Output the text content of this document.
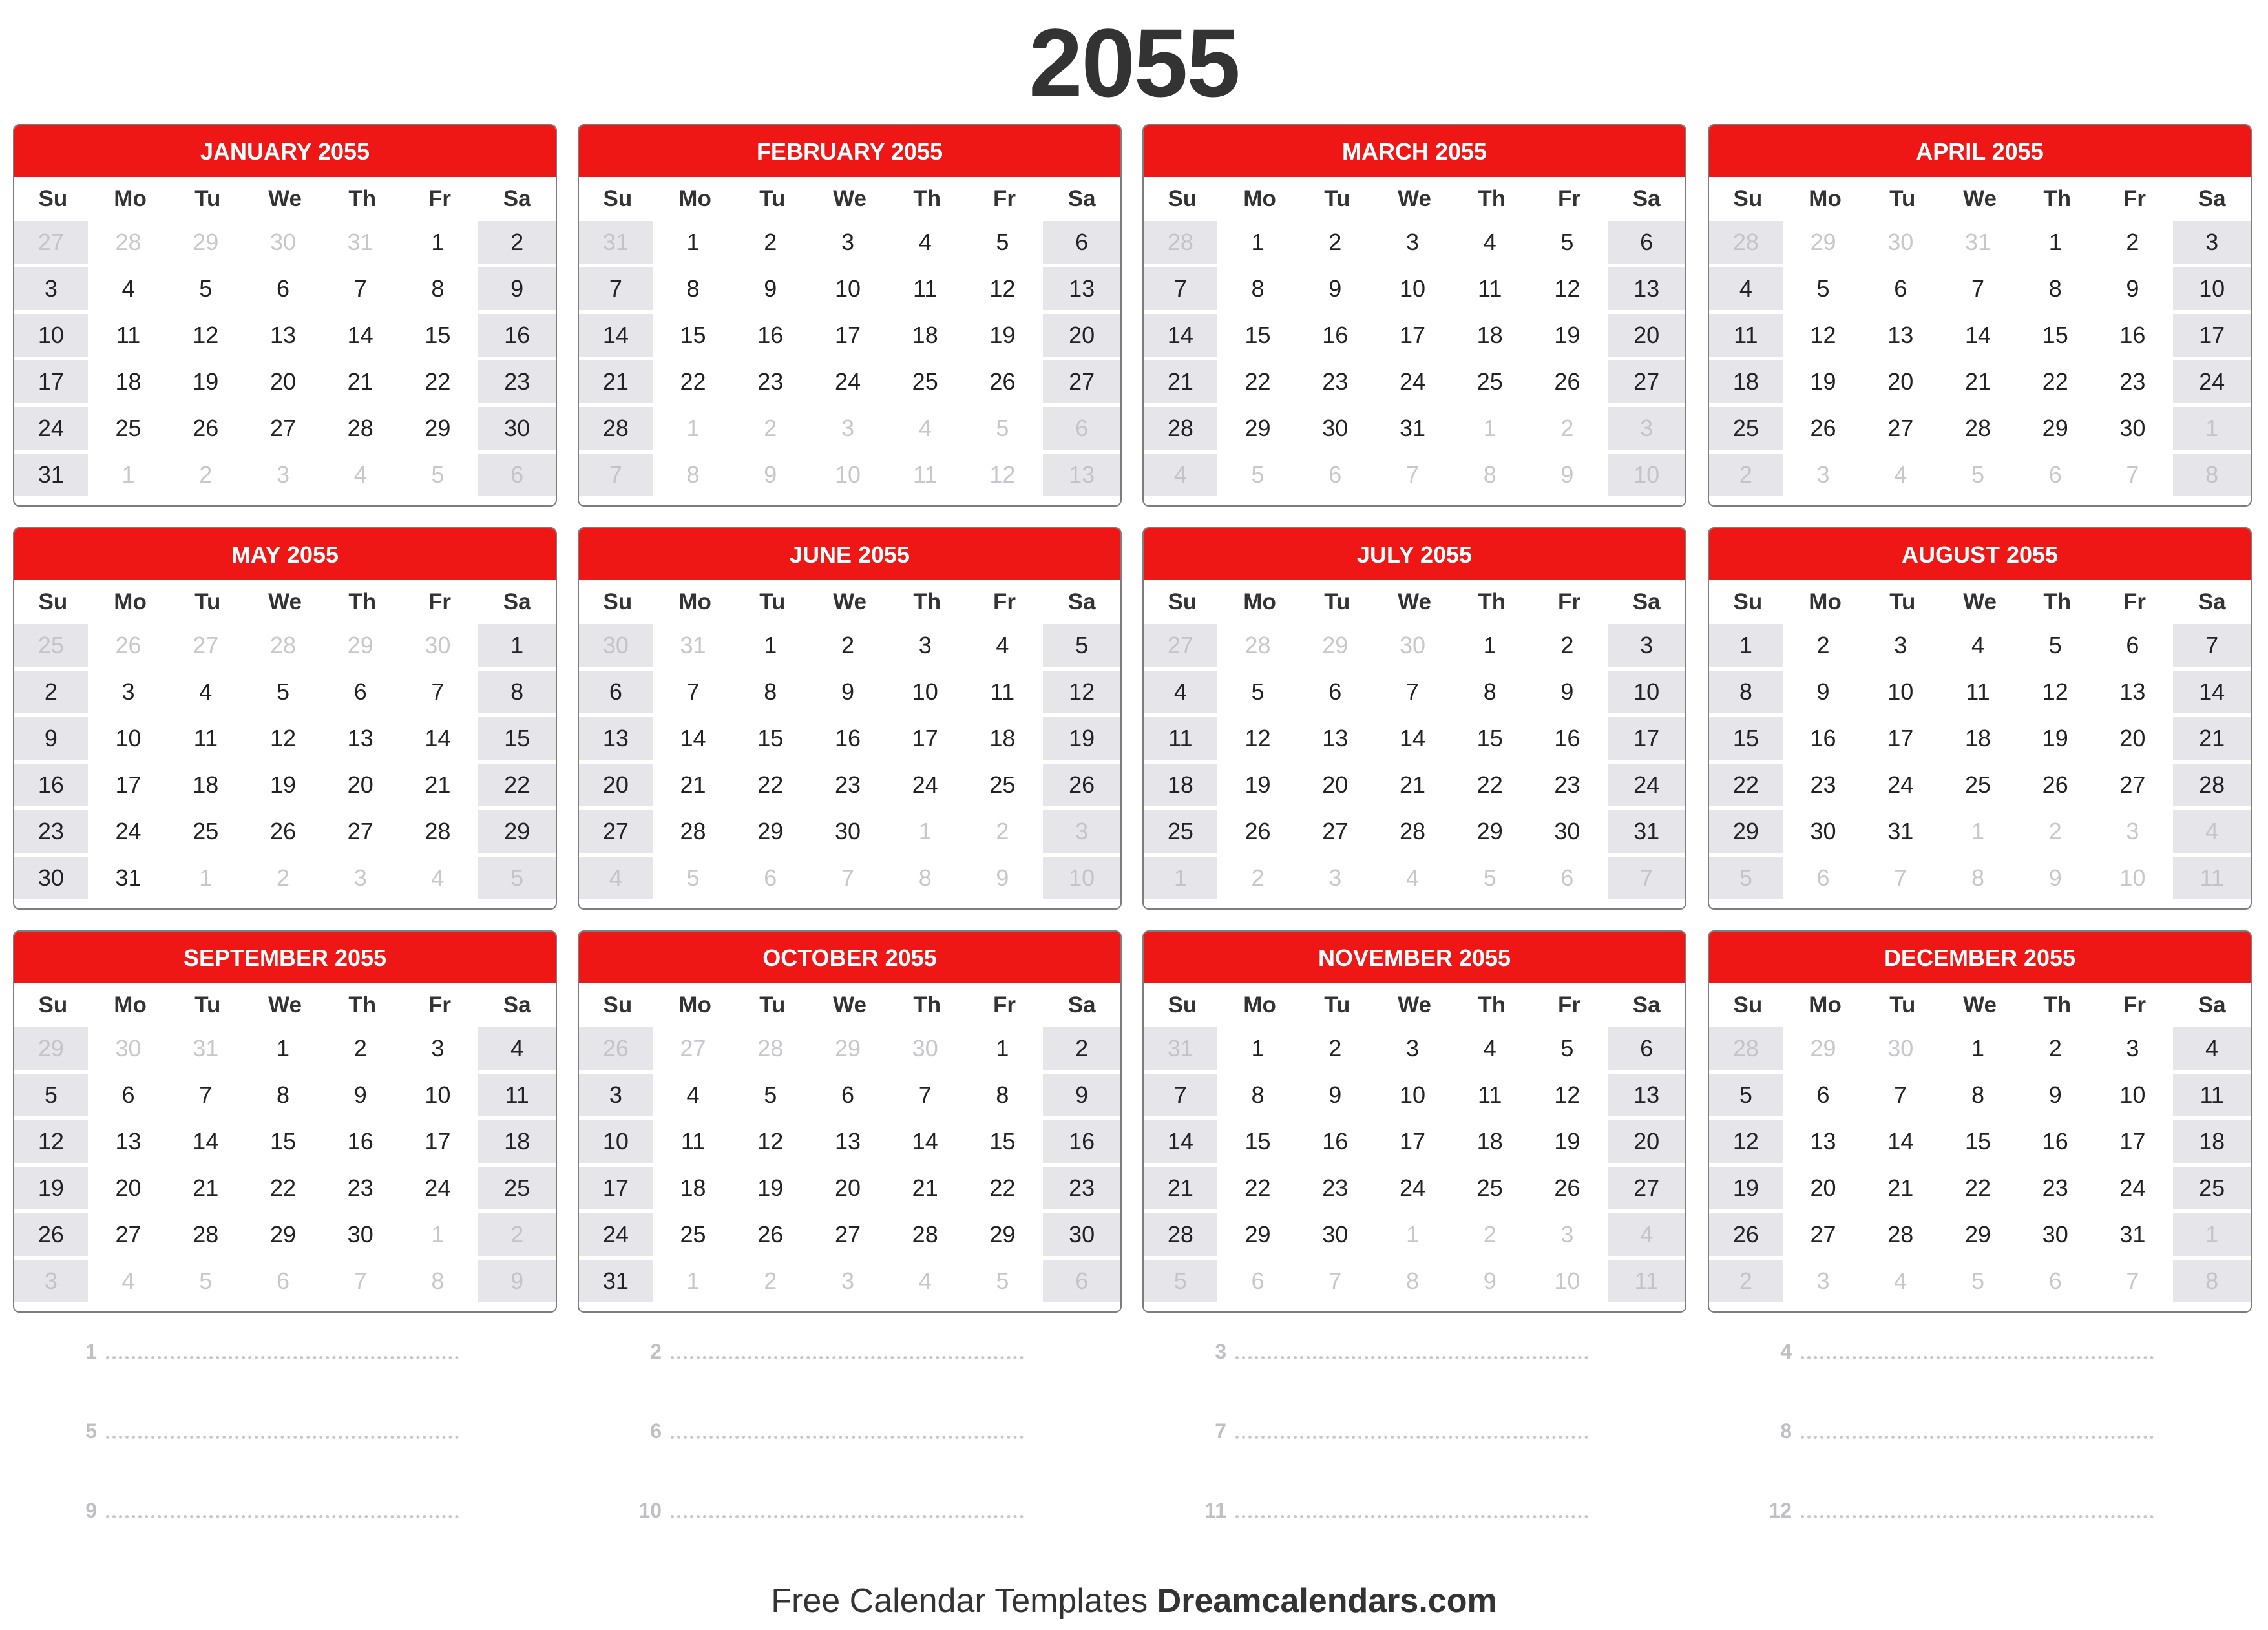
2055
JANUARY 2055
Su	Mo	Tu	We	Th	Fr	Sa
27	28	29	30	31	1	2
3	4	5	6	7	8	9
10	11	12	13	14	15	16
17	18	19	20	21	22	23
24	25	26	27	28	29	30
31	1	2	3	4	5	6
FEBRUARY 2055
Su	Mo	Tu	We	Th	Fr	Sa
31	1	2	3	4	5	6
7	8	9	10	11	12	13
14	15	16	17	18	19	20
21	22	23	24	25	26	27
28	1	2	3	4	5	6
7	8	9	10	11	12	13
MARCH 2055
Su	Mo	Tu	We	Th	Fr	Sa
28	1	2	3	4	5	6
7	8	9	10	11	12	13
14	15	16	17	18	19	20
21	22	23	24	25	26	27
28	29	30	31	1	2	3
4	5	6	7	8	9	10
APRIL 2055
Su	Mo	Tu	We	Th	Fr	Sa
28	29	30	31	1	2	3
4	5	6	7	8	9	10
11	12	13	14	15	16	17
18	19	20	21	22	23	24
25	26	27	28	29	30	1
2	3	4	5	6	7	8
MAY 2055
Su	Mo	Tu	We	Th	Fr	Sa
25	26	27	28	29	30	1
2	3	4	5	6	7	8
9	10	11	12	13	14	15
16	17	18	19	20	21	22
23	24	25	26	27	28	29
30	31	1	2	3	4	5
JUNE 2055
Su	Mo	Tu	We	Th	Fr	Sa
30	31	1	2	3	4	5
6	7	8	9	10	11	12
13	14	15	16	17	18	19
20	21	22	23	24	25	26
27	28	29	30	1	2	3
4	5	6	7	8	9	10
JULY 2055
Su	Mo	Tu	We	Th	Fr	Sa
27	28	29	30	1	2	3
4	5	6	7	8	9	10
11	12	13	14	15	16	17
18	19	20	21	22	23	24
25	26	27	28	29	30	31
1	2	3	4	5	6	7
AUGUST 2055
Su	Mo	Tu	We	Th	Fr	Sa
1	2	3	4	5	6	7
8	9	10	11	12	13	14
15	16	17	18	19	20	21
22	23	24	25	26	27	28
29	30	31	1	2	3	4
5	6	7	8	9	10	11
SEPTEMBER 2055
Su	Mo	Tu	We	Th	Fr	Sa
29	30	31	1	2	3	4
5	6	7	8	9	10	11
12	13	14	15	16	17	18
19	20	21	22	23	24	25
26	27	28	29	30	1	2
3	4	5	6	7	8	9
OCTOBER 2055
Su	Mo	Tu	We	Th	Fr	Sa
26	27	28	29	30	1	2
3	4	5	6	7	8	9
10	11	12	13	14	15	16
17	18	19	20	21	22	23
24	25	26	27	28	29	30
31	1	2	3	4	5	6
NOVEMBER 2055
Su	Mo	Tu	We	Th	Fr	Sa
31	1	2	3	4	5	6
7	8	9	10	11	12	13
14	15	16	17	18	19	20
21	22	23	24	25	26	27
28	29	30	1	2	3	4
5	6	7	8	9	10	11
DECEMBER 2055
Su	Mo	Tu	We	Th	Fr	Sa
28	29	30	1	2	3	4
5	6	7	8	9	10	11
12	13	14	15	16	17	18
19	20	21	22	23	24	25
26	27	28	29	30	31	1
2	3	4	5	6	7	8
1	2	3	4
5	6	7	8
9	10	11	12
Free Calendar Templates Dreamcalendars.com
